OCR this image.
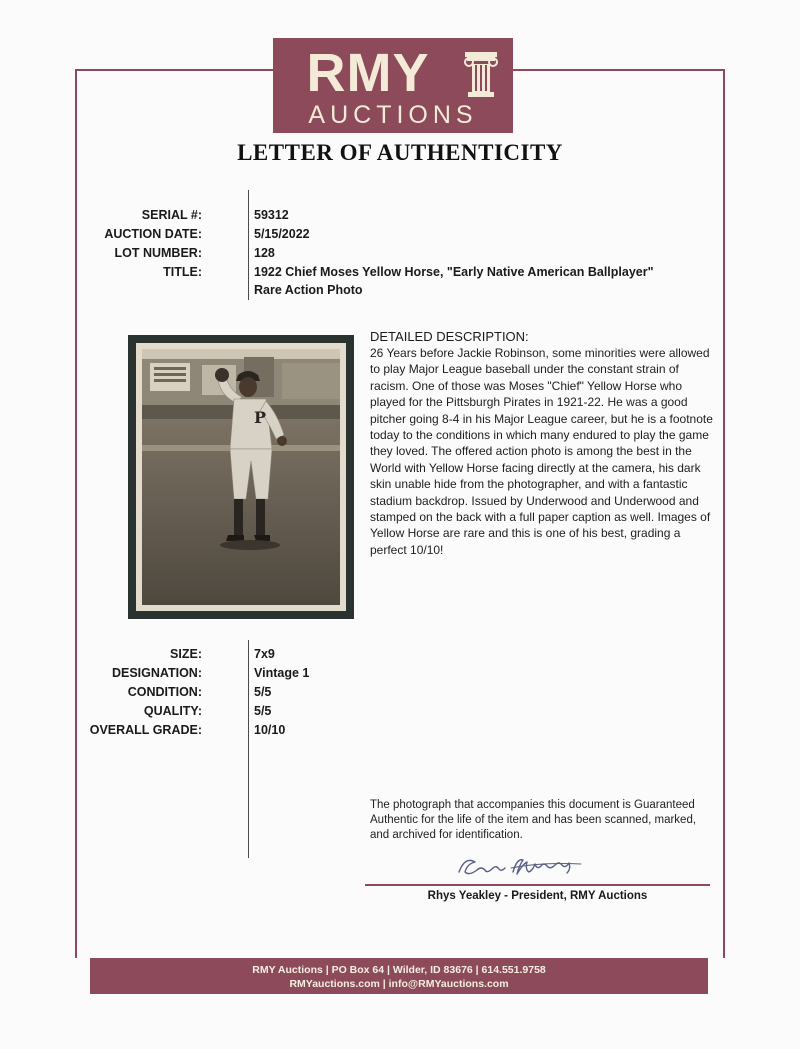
RMY
AUCTIONS
LETTER OF AUTHENTICITY
SERIAL #:	59312
AUCTION DATE:	5/15/2022
LOT NUMBER:	128
TITLE:	1922 Chief Moses Yellow Horse, "Early Native American Ballplayer"
Rare Action Photo
P
DETAILED DESCRIPTION:
26 Years before Jackie Robinson, some minorities were allowed to play Major League baseball under the constant strain of racism. One of those was Moses "Chief" Yellow Horse who played for the Pittsburgh Pirates in 1921-22. He was a good pitcher going 8-4 in his Major League career, but he is a footnote today to the conditions in which many endured to play the game they loved. The offered action photo is among the best in the World with Yellow Horse facing directly at the camera, his dark skin unable hide from the photographer, and with a fantastic stadium backdrop. Issued by Underwood and Underwood and stamped on the back with a full paper caption as well. Images of Yellow Horse are rare and this is one of his best, grading a perfect 10/10!
SIZE:	7x9
DESIGNATION:	Vintage 1
CONDITION:	5/5
QUALITY:	5/5
OVERALL GRADE:	10/10
The photograph that accompanies this document is Guaranteed Authentic for the life of the item and has been scanned, marked, and archived for identification.
Rhys Yeakley - President, RMY Auctions
RMY Auctions | PO Box 64 | Wilder, ID 83676 | 614.551.9758
RMYauctions.com | info@RMYauctions.com
